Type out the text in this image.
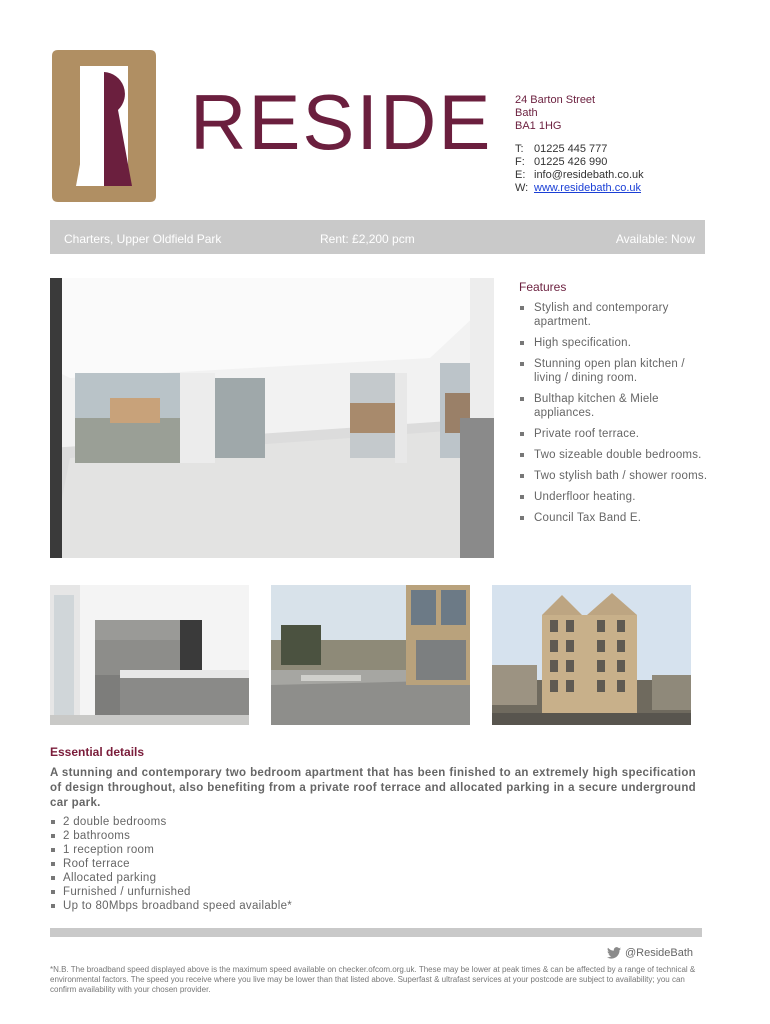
RESIDE 24 Barton Street
Bath
BA1 1HG
T: 01225 445 777
F: 01225 426 990
E: info@residebath.co.uk
W: www.residebath.co.uk
Charters, Upper Oldfield Park	Rent: £2,200 pcm	Available: Now
Features
Stylish and contemporary apartment.
High specification.
Stunning open plan kitchen / living / dining room.
Bulthap kitchen & Miele appliances.
Private roof terrace.
Two sizeable double bedrooms.
Two stylish bath / shower rooms.
Underfloor heating.
Council Tax Band E.
Essential details
A stunning and contemporary two bedroom apartment that has been finished to an extremely high specification of design throughout, also benefiting from a private roof terrace and allocated parking in a secure underground car park.
2 double bedrooms
2 bathrooms
1 reception room
Roof terrace
Allocated parking
Furnished / unfurnished
Up to 80Mbps broadband speed available*
@ResideBath
*N.B. The broadband speed displayed above is the maximum speed available on checker.ofcom.org.uk. These may be lower at peak times & can be affected by a range of technical & environmental factors. The speed you receive where you live may be lower than that listed above. Superfast & ultrafast services at your postcode are subject to availability; you can confirm availability with your chosen provider.
